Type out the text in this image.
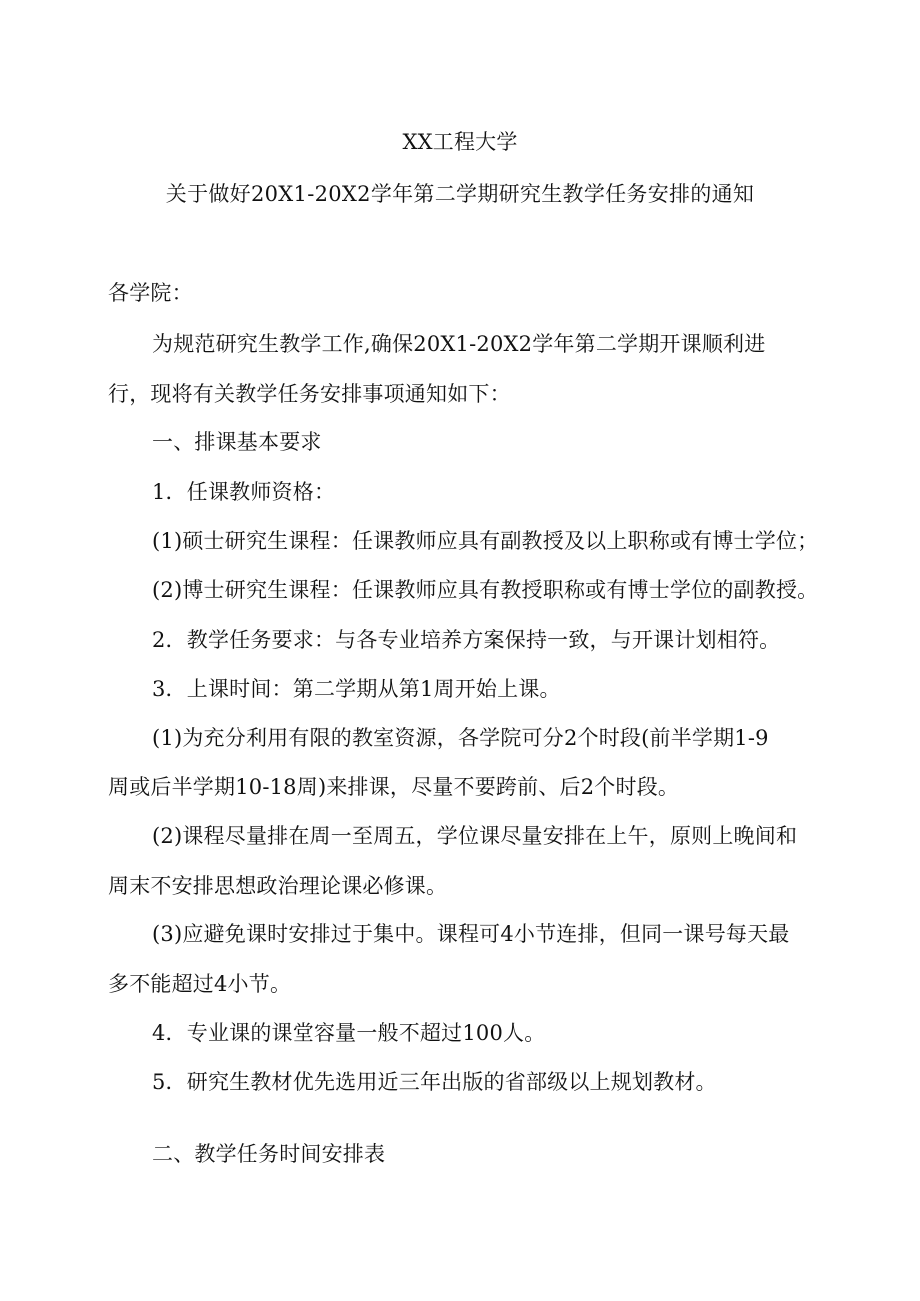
XX工程大学
关于做好20X1-20X2学年第二学期研究生教学任务安排的通知
各学院：
为规范研究生教学工作,确保20X1-20X2学年第二学期开课顺利进
行，现将有关教学任务安排事项通知如下：
一、排课基本要求
1．任课教师资格：
(1)硕士研究生课程：任课教师应具有副教授及以上职称或有博士学位；
(2)博士研究生课程：任课教师应具有教授职称或有博士学位的副教授。
2．教学任务要求：与各专业培养方案保持一致，与开课计划相符。
3．上课时间：第二学期从第1周开始上课。
(1)为充分利用有限的教室资源，各学院可分2个时段(前半学期1-9
周或后半学期10-18周)来排课，尽量不要跨前、后2个时段。
(2)课程尽量排在周一至周五，学位课尽量安排在上午，原则上晚间和
周末不安排思想政治理论课必修课。
(3)应避免课时安排过于集中。课程可4小节连排，但同一课号每天最
多不能超过4小节。
4．专业课的课堂容量一般不超过100人。
5．研究生教材优先选用近三年出版的省部级以上规划教材。
二、教学任务时间安排表
